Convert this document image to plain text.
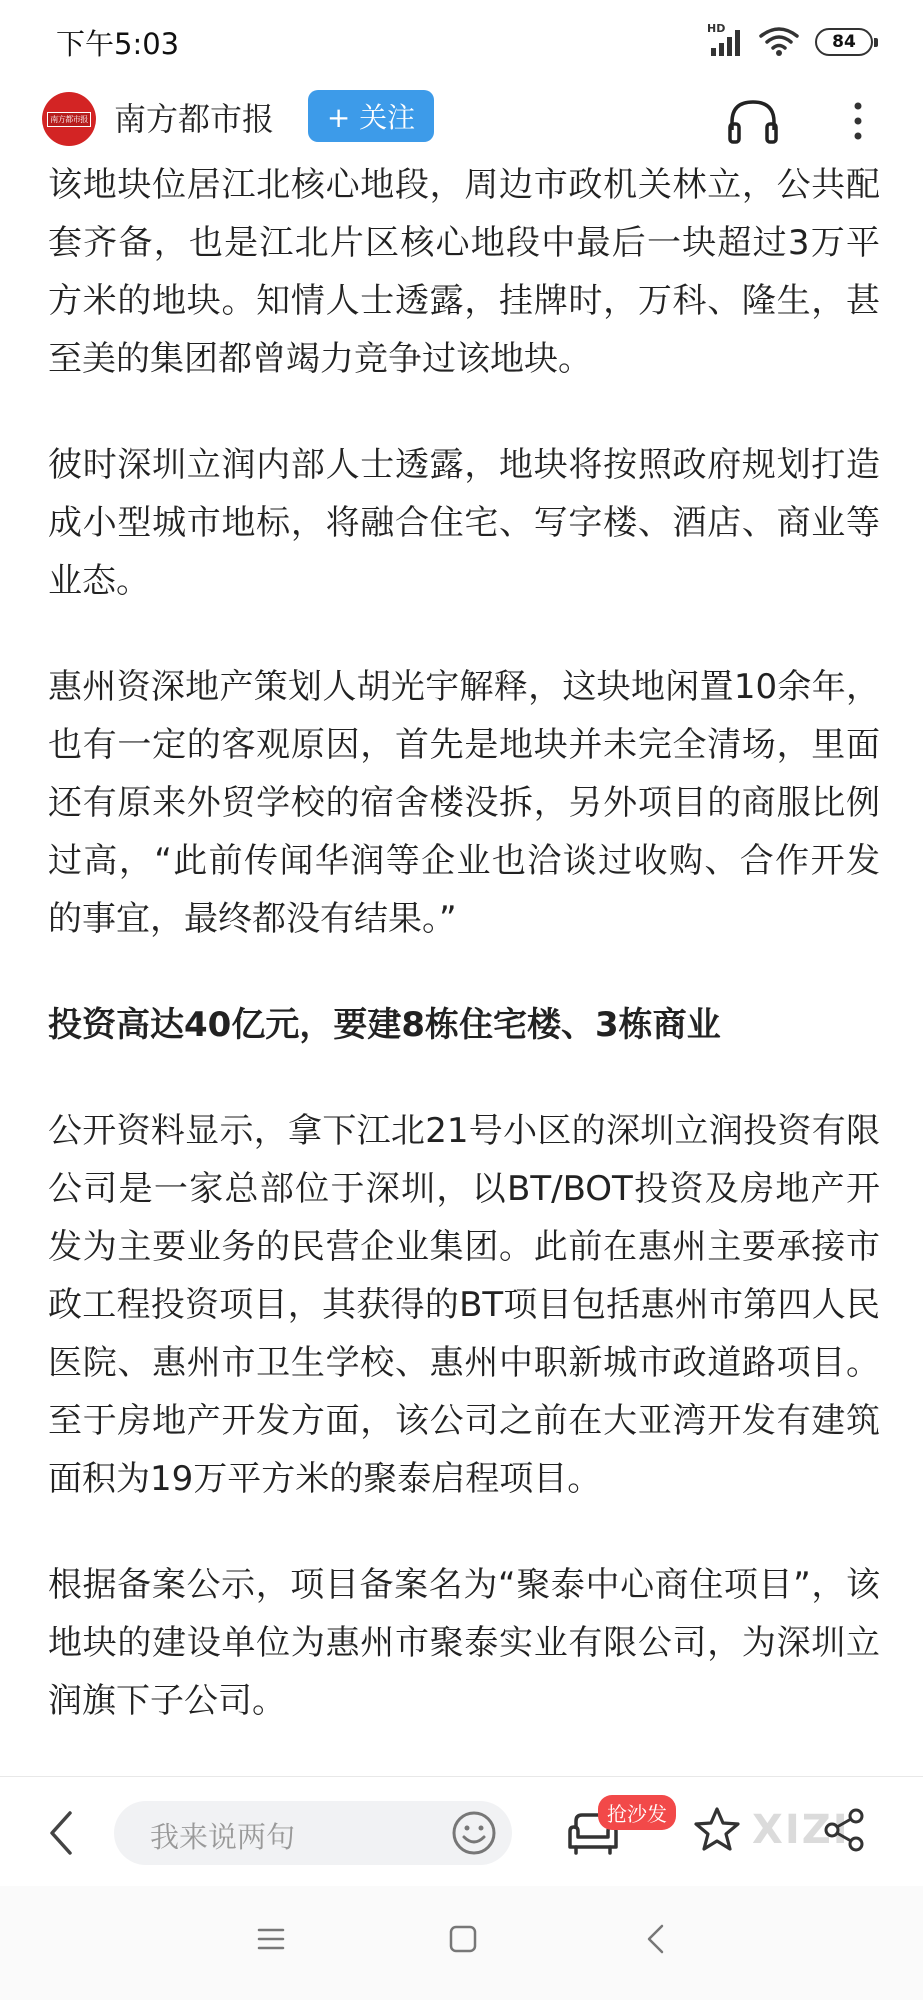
下午5:03	HD
84
南方都市报 南方都市报	+ 关注

该地块位居江北核心地段，周边市政机关林立，公共配套齐备，也是江北片区核心地段中最后一块超过3万平方米的地块。知情人士透露，挂牌时，万科、隆生，甚至美的集团都曾竭力竞争过该地块。

彼时深圳立润内部人士透露，地块将按照政府规划打造成小型城市地标，将融合住宅、写字楼、酒店、商业等业态。

惠州资深地产策划人胡光宇解释，这块地闲置10余年，也有一定的客观原因，首先是地块并未完全清场，里面还有原来外贸学校的宿舍楼没拆，另外项目的商服比例过高，“此前传闻华润等企业也洽谈过收购、合作开发的事宜，最终都没有结果。”

投资高达40亿元，要建8栋住宅楼、3栋商业

公开资料显示，拿下江北21号小区的深圳立润投资有限公司是一家总部位于深圳，以BT/BOT投资及房地产开发为主要业务的民营企业集团。此前在惠州主要承接市政工程投资项目，其获得的BT项目包括惠州市第四人民医院、惠州市卫生学校、惠州中职新城市政道路项目。至于房地产开发方面，该公司之前在大亚湾开发有建筑面积为19万平方米的聚泰启程项目。

根据备案公示，项目备案名为“聚泰中心商住项目”，该地块的建设单位为惠州市聚泰实业有限公司，为深圳立润旗下子公司。

我来说两句
抢沙发 XIZI
